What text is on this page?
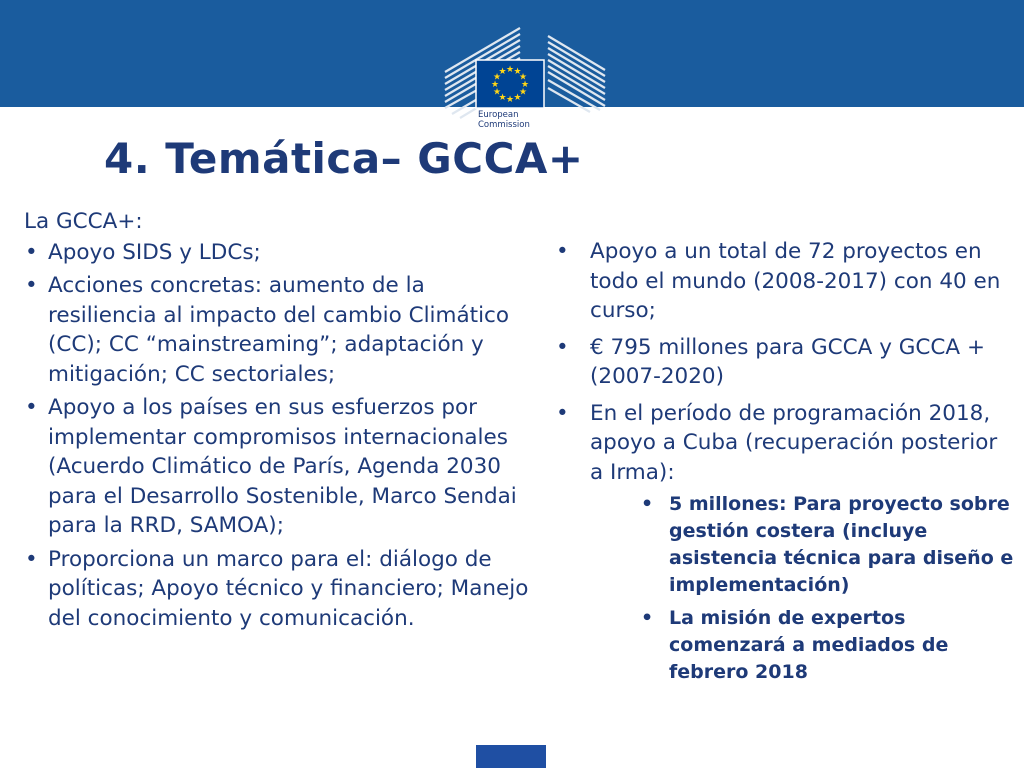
★ ★
★
★
★
★
★
★
★
★
★
★
European
Commission
4. Temática– GCCA+

La GCCA+:

• Apoyo SIDS y LDCs;
• Acciones concretas: aumento de la resiliencia al impacto del cambio Climático (CC); CC “mainstreaming”; adaptación y mitigación; CC sectoriales;
• Apoyo a los países en sus esfuerzos por implementar compromisos internacionales (Acuerdo Climático de París, Agenda 2030 para el Desarrollo Sostenible, Marco Sendai para la RRD, SAMOA);
• Proporciona un marco para el: diálogo de políticas; Apoyo técnico y financiero; Manejo del conocimiento y comunicación.
• Apoyo a un total de 72 proyectos en todo el mundo (2008-2017) con 40 en curso;
• € 795 millones para GCCA y GCCA + (2007-2020)
• En el período de programación 2018, apoyo a Cuba (recuperación posterior a Irma):
• 5 millones: Para proyecto sobre gestión costera (incluye asistencia técnica para diseño e implementación)
• La misión de expertos comenzará a mediados de febrero 2018
